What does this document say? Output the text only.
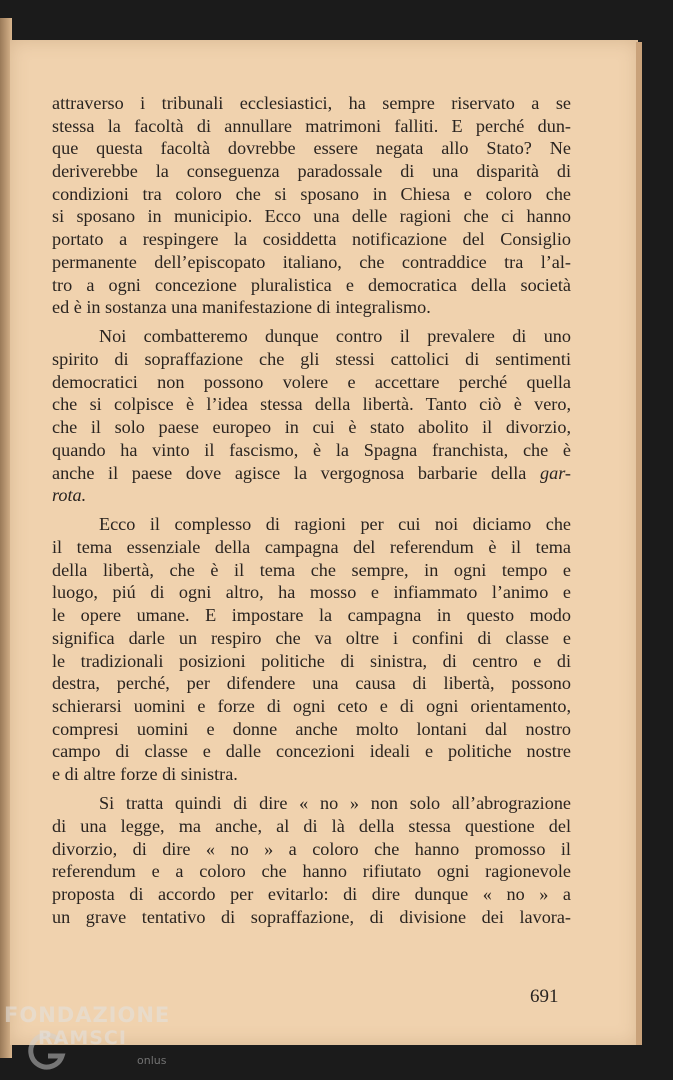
attraverso i tribunali ecclesiastici, ha sempre riservato a se
stessa la facoltà di annullare matrimoni falliti. E perché dun-
que questa facoltà dovrebbe essere negata allo Stato? Ne
deriverebbe la conseguenza paradossale di una disparità di
condizioni tra coloro che si sposano in Chiesa e coloro che
si sposano in municipio. Ecco una delle ragioni che ci hanno
portato a respingere la cosiddetta notificazione del Consiglio
permanente dell’episcopato italiano, che contraddice tra l’al-
tro a ogni concezione pluralistica e democratica della società
ed è in sostanza una manifestazione di integralismo.

Noi combatteremo dunque contro il prevalere di uno
spirito di sopraffazione che gli stessi cattolici di sentimenti
democratici non possono volere e accettare perché quella
che si colpisce è l’idea stessa della libertà. Tanto ciò è vero,
che il solo paese europeo in cui è stato abolito il divorzio,
quando ha vinto il fascismo, è la Spagna franchista, che è
anche il paese dove agisce la vergognosa barbarie della gar-
rota.

Ecco il complesso di ragioni per cui noi diciamo che
il tema essenziale della campagna del referendum è il tema
della libertà, che è il tema che sempre, in ogni tempo e
luogo, piú di ogni altro, ha mosso e infiammato l’animo e
le opere umane. E impostare la campagna in questo modo
significa darle un respiro che va oltre i confini di classe e
le tradizionali posizioni politiche di sinistra, di centro e di
destra, perché, per difendere una causa di libertà, possono
schierarsi uomini e forze di ogni ceto e di ogni orientamento,
compresi uomini e donne anche molto lontani dal nostro
campo di classe e dalle concezioni ideali e politiche nostre
e di altre forze di sinistra.

Si tratta quindi di dire « no » non solo all’abrograzione
di una legge, ma anche, al di là della stessa questione del
divorzio, di dire « no » a coloro che hanno promosso il
referendum e a coloro che hanno rifiutato ogni ragionevole
proposta di accordo per evitarlo: di dire dunque « no » a
un grave tentativo di sopraffazione, di divisione dei lavora-

691
FONDAZIONE
RAMSCI
onlus
